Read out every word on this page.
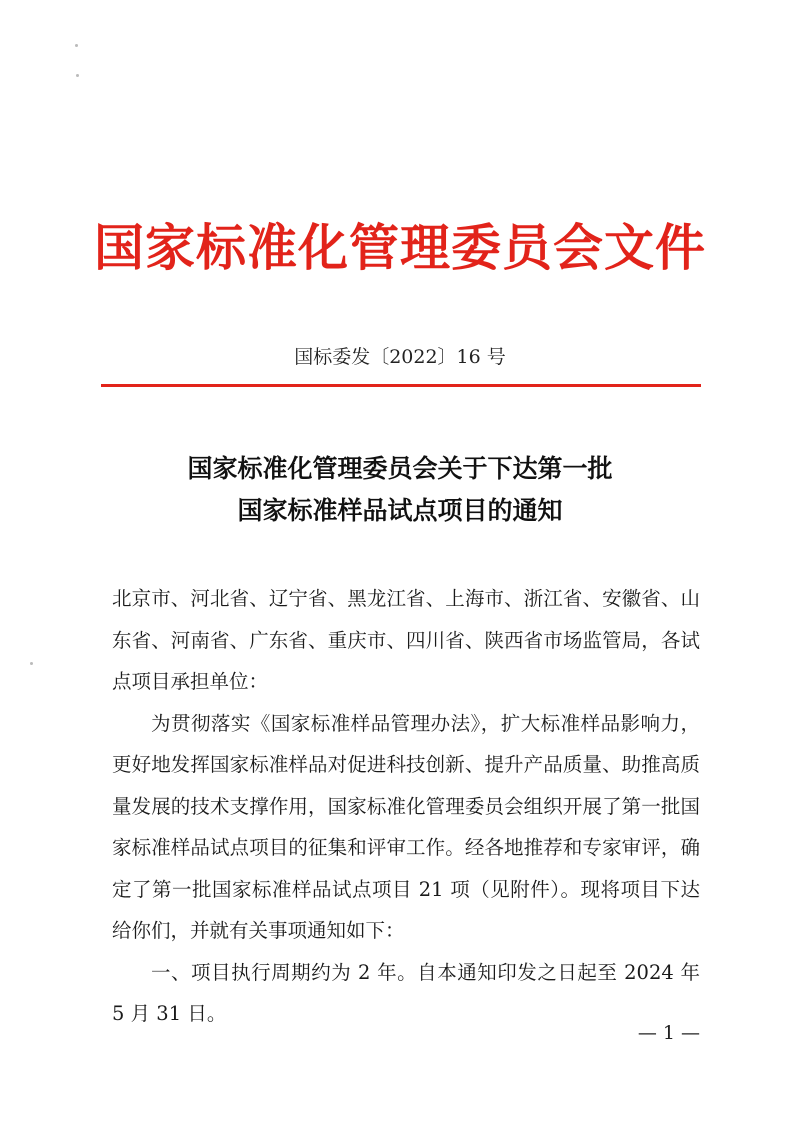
国家标准化管理委员会文件
国标委发〔2022〕16 号
国家标准化管理委员会关于下达第一批
国家标准样品试点项目的通知

北京市、河北省、辽宁省、黑龙江省、上海市、浙江省、安徽省、山东省、河南省、广东省、重庆市、四川省、陕西省市场监管局，各试点项目承担单位：

为贯彻落实《国家标准样品管理办法》，扩大标准样品影响力，更好地发挥国家标准样品对促进科技创新、提升产品质量、助推高质量发展的技术支撑作用，国家标准化管理委员会组织开展了第一批国家标准样品试点项目的征集和评审工作。经各地推荐和专家审评，确定了第一批国家标准样品试点项目 21 项（见附件）。现将项目下达给你们，并就有关事项通知如下：

一、项目执行周期约为 2 年。自本通知印发之日起至 2024 年 5 月 31 日。

— 1 —
